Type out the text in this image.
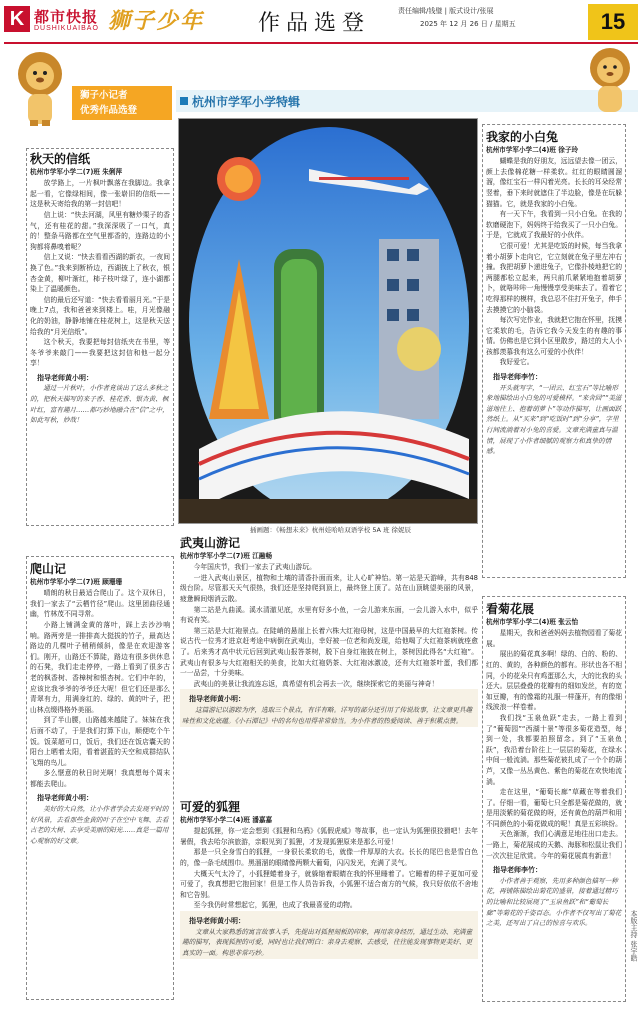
K 都市快报
DUSHIKUAIBAO 狮子少年 作品选登	责任编辑/钱璧 | 版式设计/张展
2025 年 12 月 26 日 / 星期五	15
狮子小记者
优秀作品选登
杭州市学军小学特辑
秋天的信纸
杭州市学军小学二(7)班 朱俐萍

放学路上，一片枫叶飘落在我脚边。我拿起一看，它像绿相间，像一张崭旧的信纸——这是秋天寄给我的第一封信吧！

信上说：“快去河湖，风里有糖炒栗子的香气，还有桂花的甜。”我深深吸了一口气，真的！整条马路都在空气里都香的，连路边的小狗都将鼻嗅着呢？

信上又说：“快去看看西湖的新衣，一夜间换了色。”我来到断桥边，西湖披上了秋衣，银杏金黄，柳叶渐红，柿子枝叶绿了，连小湖都染上了温暖颜色。

信的最后还写道：“快去看看丽月光。”于是晚上7点，我和爸爸来到楼上。哇，月光像融化的奶油，静静地铺在桂花树上，这是秋天送给我的“月光信纸”。

这个秋天，我要把每封信纸夹在书里，等冬爷爷来敲门——我要把这封信和他一起分享！

指导老师黄小明：
通过一片秋叶，小作者竟谈出了这么多秋之的，把秋天描写的来子香、桂花香、银杏黄、枫叶红，富有趣月……都巧妙地融合在“信”之中，如此写秋，妙哉！
爬山记
杭州市学军小学二(7)班 顾珊珊

晴朗的秋日最适合爬山了。这个双休日，我们一家去了“云栖竹径”爬山。这里团曲径通幽，竹林茂不同寻常。

小路上铺满金黄的落叶，踩上去沙沙响响。路两旁是一排排高大挺拔的竹子，最高达路边的几棵叶子稍稍倾斜，像是在欢迎游客们。刚开，山路还不算陡，路边有很多供休息的石凳，我们走走停停，一路上看到了很多古老的枫香树、香樟树和银杏树。它们中年的，应该比我爷爷的爷爷还大呢！但它们还是那么青翠有力，用满身红的、绿的、黄的叶子，把山林点缀得格外美丽。

到了半山腰，山路越来越陡了。妹妹在我后面不动了，于是我们打算下山，顺便吃个午饭。饭菜超可口，饭后，我们还在饭店囊天的阳台上晒着太阳，看着湛蓝的天空和成群结队飞翔的鸟儿。

多么惬意的秋日时光啊！我真想每个周末都能去爬山。

指导老师黄小明：
美好的大自然，让小作者学会去发现平时的好风景，去看那些金黄的叶子在空中飞舞、去看古老的大树、去享受美丽的阳光……真是一篇用心观察的好文章。
插画题：《畅想未来》杭州娃哈哈双语学校 5A 班 徐妮辰
武夷山游记
杭州市学军小学二(7)班 江融畅

今年国庆节，我们一家去了武夷山游玩。

一进入武夷山景区，植物和土壤的清香扑面而来，让人心旷神怡。第一站是天游峰，共有848级台阶。尽管那天天气很热，我们还是坚持爬到顶上，最终登上顶了。站在山顶眺望美丽的风景，疲惫瞬间烟消云散。

第二站是九曲溪。溪水清澈见底，水里有好多小鱼，一会儿游来东面，一会儿游入水中，似乎有说有笑。

第三站是大红袍景点。在陡峭的悬崖上长着六株大红袍母树，这是中国最早的大红袍茶树。传说古代一位秀才进京赶考途中病倒在武夷山，幸好被一位老和尚发现，给他喝了大红袍茶病就痊愈了。后来秀才高中状元后回到武夷山报答茶树，脱下自身红袍披在树上，茶树因此得名“大红袍”。武夷山有很多与大红袍相关的美食，比如大红袍奶茶、大红袍冰激凌，还有大红袍茶叶蛋，我们都一一品尝，十分美味。

武夷山的美景让我流连忘返，真希望有机会再去一次，继续探索它的美丽与神奇！

指导老师黄小明：
这篇游记以游踪为序，选取三个景点，有详有略。详写的部分还引用了传说故事，让文章更具趣味性和文化底蕴。《小石潭记》中的名句也用得非常恰当。为小作者的热爱阅读、善于积累点赞。
可爱的狐狸
杭州市学军小学二(4)班 潘嘉嘉

提起狐狸，你一定会想到《狐狸和乌鸦》《狐假虎威》等故事，也一定认为狐狸很狡猾吧！去年暑假，我去哈尔滨旅游，亲眼见到了狐狸，才发现狐狸原来是那么可爱！

那是一只全身雪白的狐狸，一身很长柔软的毛，就像一件厚厚的大衣。长长的尾巴也是雪白色的，像一条毛绒围巾。黑溜溜的眼睛像两颗大葡萄，闪闪发光，充满了灵气。

大概天气太冷了，小狐狸蜷着身子，就躲缩着眼睛在我的怀里睡着了。它睡着的样子更加可爱可爱了，我真想把它抱回家！但是工作人员告诉我，小狐狸不适合南方的气候，我只好依依不舍地和它告别。

至今我仍时常想起它，狐狸，也成了我最喜爱的动物。

指导老师黄小明：
文章从大家熟悉的寓言故事入手，先提出对狐狸刻板的印象，再用亲身经历，通过生动、充满童趣的描写，表现狐狸的可爱，同时也让我们明白：亲身去观察、去感受，往往能发现事物更美好、更真实的一面。构思非常巧妙。
我家的小白兔
杭州市学军小学二(4)班 徐子玲

蝴蝶是我的好朋友，远远望去像一团云，颜上去像棉花糖一样柔软。红红的眼睛圆溜溜，像红宝石一样闪着光亮。长长的耳朵经常竖着，垂下来时就遮住了半边脸，像是在玩躲猫猫。它，就是我家的小白兔。

有一天下午，我看到一只小白兔。在我的软磨硬泡下，妈妈终于给我买了一只小白兔。于是，它就成了我最好的小伙伴。

它很可爱！尤其是吃饭的时候，每当我拿着小胡萝卜走向它，它立刻就在兔子里左冲右撞。我把胡萝卜递进兔子，它像扑棱地把它的两腿都松立起来，两只前爪紧紧地抱着胡萝卜，就咯咔咔一角慢慢享受美味去了。看着它吃得那样的模样，我总忍不住打开兔子，伸手去摸摸它的小脑袋。

每次写完作业，我就把它抱在怀里，抚摸它柔软的毛，告诉它我今天发生的有趣的事情。仿佛也是它到小区里散步，路过的大人小孩都羡慕我有这么可爱的小伙伴！

我好爱它。

指导老师李竹：
开头就写字，“一团云、红宝石”等比喻形象地描绘出小白兔的可爱模样。“来舍回”“美滋滋地往上、抱着胡萝卜”等动作描写，让画面跃然纸上。从“买来”到“吃饭时”到“分享”，字里行间流淌着对小兔的喜爱。文章充满童真与温情，展现了小作者细腻的观察力和真挚的情感。
看菊花展
杭州市学军小学二(4)班 张云怡

星期天，我和爸爸妈妈去植物园看了菊花展。

展出的菊花真多啊！绿的、白的、粉的、红的、黄的，各种颜色的都有。形状也各不相同，小的花朵只有鸡蛋那么大，大的比我的头还大。层层叠叠的花瓣有的细如发丝，有的宽如豆瓣，有的像霜的礼服一样蓬开，有的像细线波浪一样卷着。

我们找“玉泉鱼跃”走去，一路上看到了“葡萄园”“西湖十景”等很多菊花造型，每到一处，我都要拍照留念。到了“玉泉鱼跃”，我沿着台阶往上一层层的菊花，在绿水中间一般流淌。那些菊花被扎成了一个个的葫芦，又像一丛丛黄色、紫色的菊花在欢快地流淌。

走在这里，“葡萄长廊”草藏在等着我们了。仔细一看，葡萄七只全都是菊花做的，就是用淡紫的菊花做的呀，还有黄色的葫芦和用不同颜色的小菊花做成的呢！真是五彩缤纷。

天色渐渐，我们心满意足地往出口走去。一路上，菊花展成的天鹅、海豚和松鼠让我们一次次驻足欣赏。今年的菊花展真有新意！

指导老师李竹：
小作者善于观察，先用多种颜色描写一种花，再铺陈描绘出菊花的盛景，接着通过精巧的比喻和比较展现了“玉泉鱼跃”和“葡萄长廊”等菊花的千姿百态。小作者不仅写出了菊花之美，还写出了自己的惊喜与欢乐。	本版主持 张宇皓
